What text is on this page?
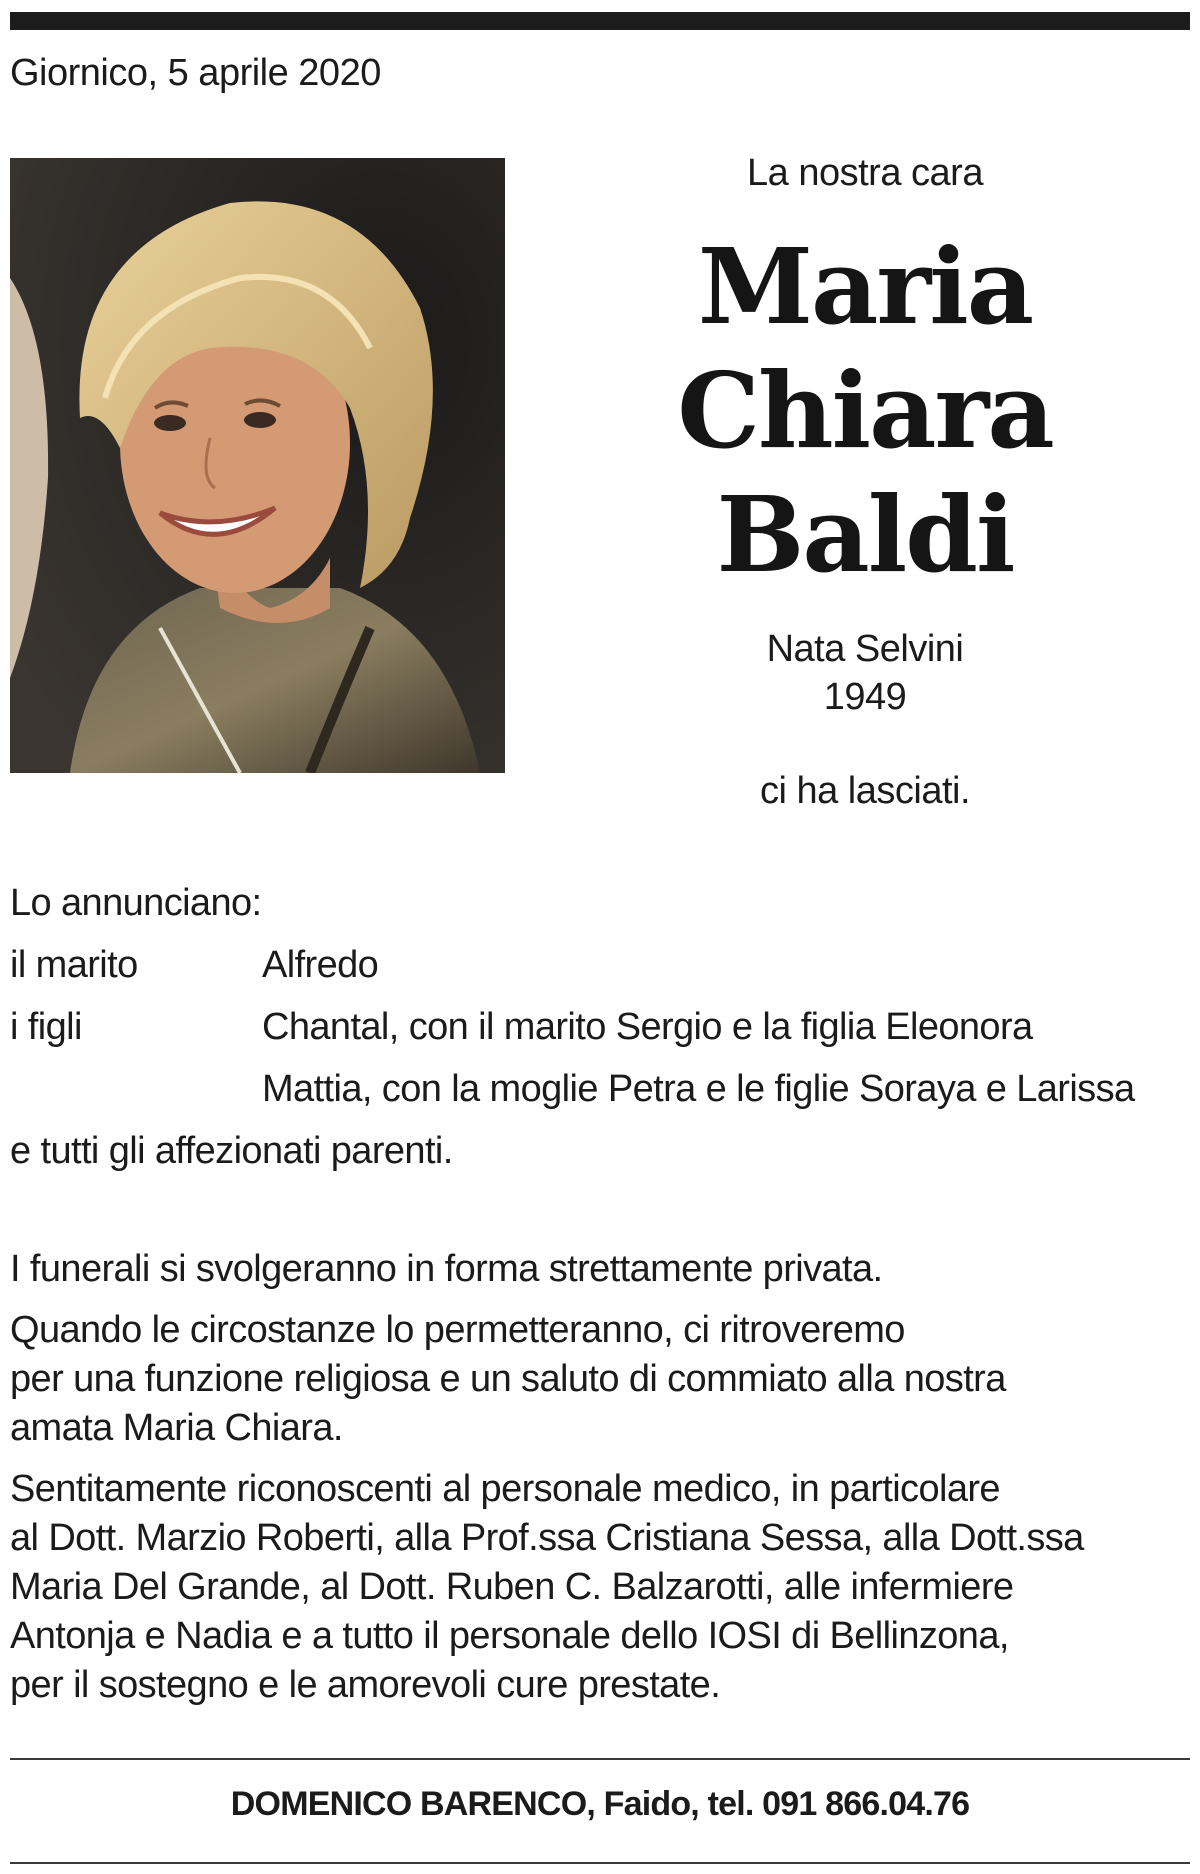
Giornico, 5 aprile 2020
La nostra cara
Maria
Chiara
Baldi
Nata Selvini
1949
ci ha lasciati.
Lo annunciano:
il marito	Alfredo
i figli	Chantal, con il marito Sergio e la figlia Eleonora
Mattia, con la moglie Petra e le figlie Soraya e Larissa
e tutti gli affezionati parenti.

I funerali si svolgeranno in forma strettamente privata.

Quando le circostanze lo permetteranno, ci ritroveremo
per una funzione religiosa e un saluto di commiato alla nostra
amata Maria Chiara.

Sentitamente riconoscenti al personale medico, in particolare
al Dott. Marzio Roberti, alla Prof.ssa Cristiana Sessa, alla Dott.ssa
Maria Del Grande, al Dott. Ruben C. Balzarotti, alle infermiere
Antonja e Nadia e a tutto il personale dello IOSI di Bellinzona,
per il sostegno e le amorevoli cure prestate.

DOMENICO BARENCO, Faido, tel. 091 866.04.76
